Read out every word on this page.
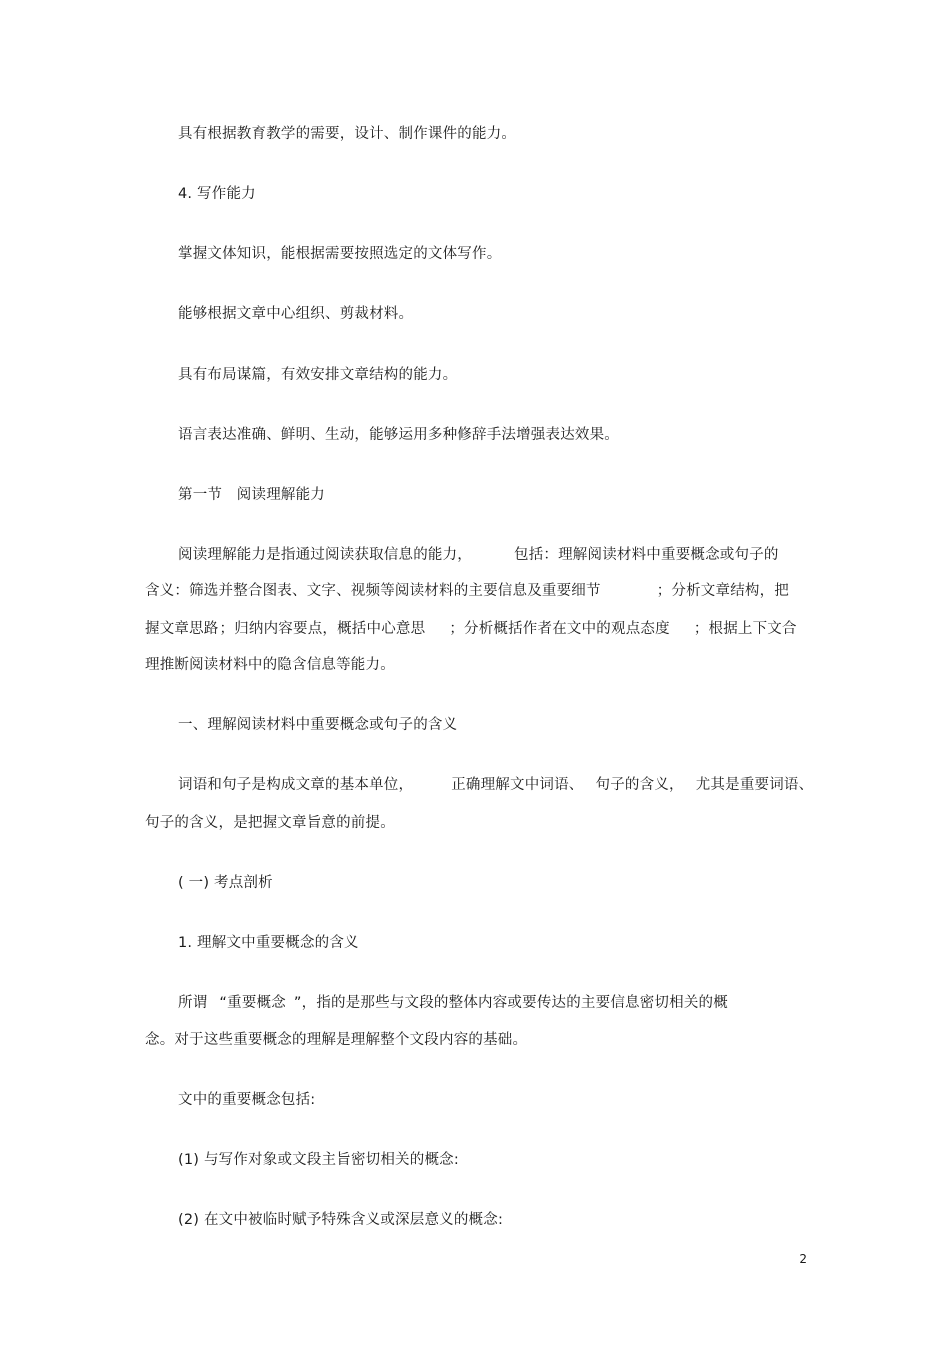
具有根据教育教学的需要，设计、制作课件的能力。
4. 写作能力
掌握文体知识，能根据需要按照选定的文体写作。
能够根据文章中心组织、剪裁材料。
具有布局谋篇，有效安排文章结构的能力。
语言表达准确、鲜明、生动，能够运用多种修辞手法增强表达效果。
第一节　阅读理解能力
阅读理解能力是指通过阅读获取信息的能力，	包括：理解阅读材料中重要概念或句子的
含义：筛选并整合图表、文字、视频等阅读材料的主要信息及重要细节	；分析文章结构，把
握文章思路；归纳内容要点，概括中心意思 ；分析概括作者在文中的观点态度 ；根据上下文合
理推断阅读材料中的隐含信息等能力。
一、理解阅读材料中重要概念或句子的含义
词语和句子是构成文章的基本单位，	正确理解文中词语、 句子的含义， 尤其是重要词语、
句子的含义，是把握文章旨意的前提。
( 一) 考点剖析
1. 理解文中重要概念的含义
所谓 “重要概念 ”，指的是那些与文段的整体内容或要传达的主要信息密切相关的概
念。对于这些重要概念的理解是理解整个文段内容的基础。
文中的重要概念包括:
(1) 与写作对象或文段主旨密切相关的概念:
(2) 在文中被临时赋予特殊含义或深层意义的概念:
2
